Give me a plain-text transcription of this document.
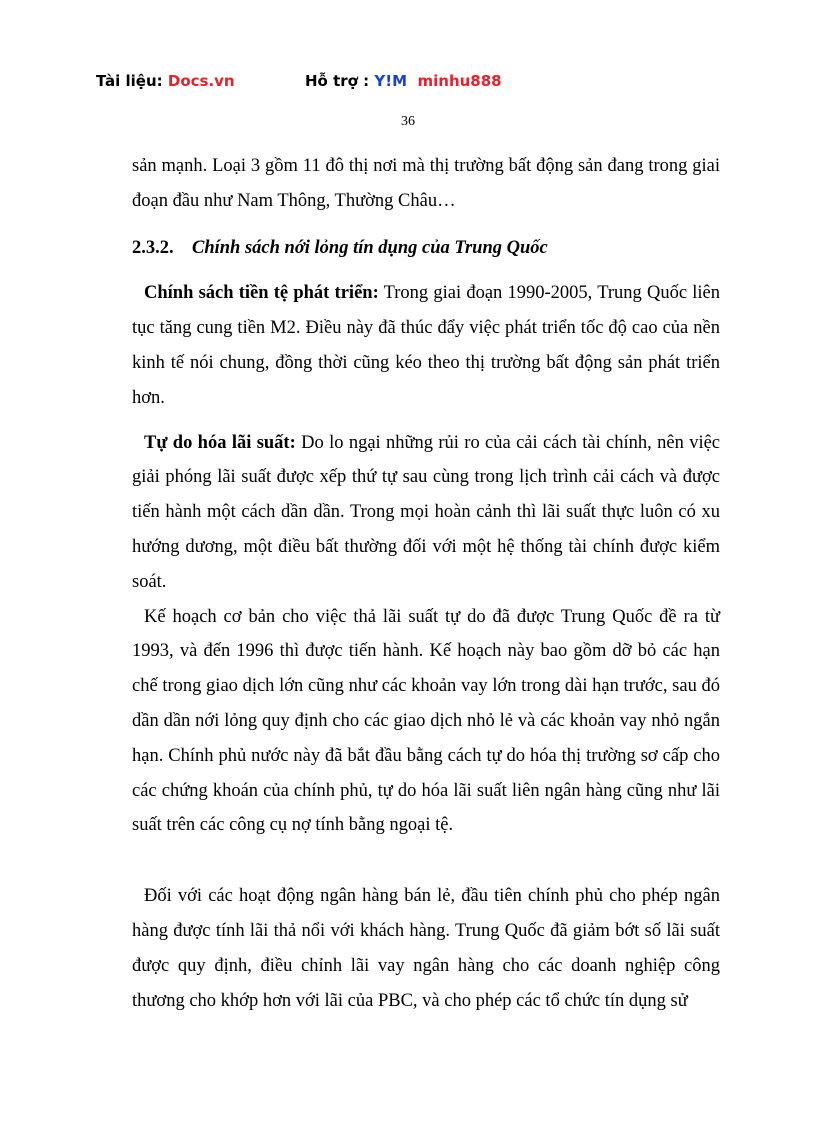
Tài liệu: Docs.vn	Hỗ trợ : Y!M minhu888
36

sản mạnh. Loại 3 gồm 11 đô thị nơi mà thị trường bất động sản đang trong giai đoạn đầu như Nam Thông, Thường Châu…

2.3.2. Chính sách nới lỏng tín dụng của Trung Quốc

Chính sách tiền tệ phát triển: Trong giai đoạn 1990-2005, Trung Quốc liên tục tăng cung tiền M2. Điều này đã thúc đẩy việc phát triển tốc độ cao của nền kinh tế nói chung, đồng thời cũng kéo theo thị trường bất động sản phát triển hơn.

Tự do hóa lãi suất: Do lo ngại những rủi ro của cải cách tài chính, nên việc giải phóng lãi suất được xếp thứ tự sau cùng trong lịch trình cải cách và được tiến hành một cách dần dần. Trong mọi hoàn cảnh thì lãi suất thực luôn có xu hướng dương, một điều bất thường đối với một hệ thống tài chính được kiểm soát.

Kế hoạch cơ bản cho việc thả lãi suất tự do đã được Trung Quốc đề ra từ 1993, và đến 1996 thì được tiến hành. Kế hoạch này bao gồm dỡ bỏ các hạn chế trong giao dịch lớn cũng như các khoản vay lớn trong dài hạn trước, sau đó dần dần nới lỏng quy định cho các giao dịch nhỏ lẻ và các khoản vay nhỏ ngắn hạn. Chính phủ nước này đã bắt đầu bằng cách tự do hóa thị trường sơ cấp cho các chứng khoán của chính phủ, tự do hóa lãi suất liên ngân hàng cũng như lãi suất trên các công cụ nợ tính bằng ngoại tệ.

Đối với các hoạt động ngân hàng bán lẻ, đầu tiên chính phủ cho phép ngân hàng được tính lãi thả nổi với khách hàng. Trung Quốc đã giảm bớt số lãi suất được quy định, điều chỉnh lãi vay ngân hàng cho các doanh nghiệp công thương cho khớp hơn với lãi của PBC, và cho phép các tổ chức tín dụng sử
